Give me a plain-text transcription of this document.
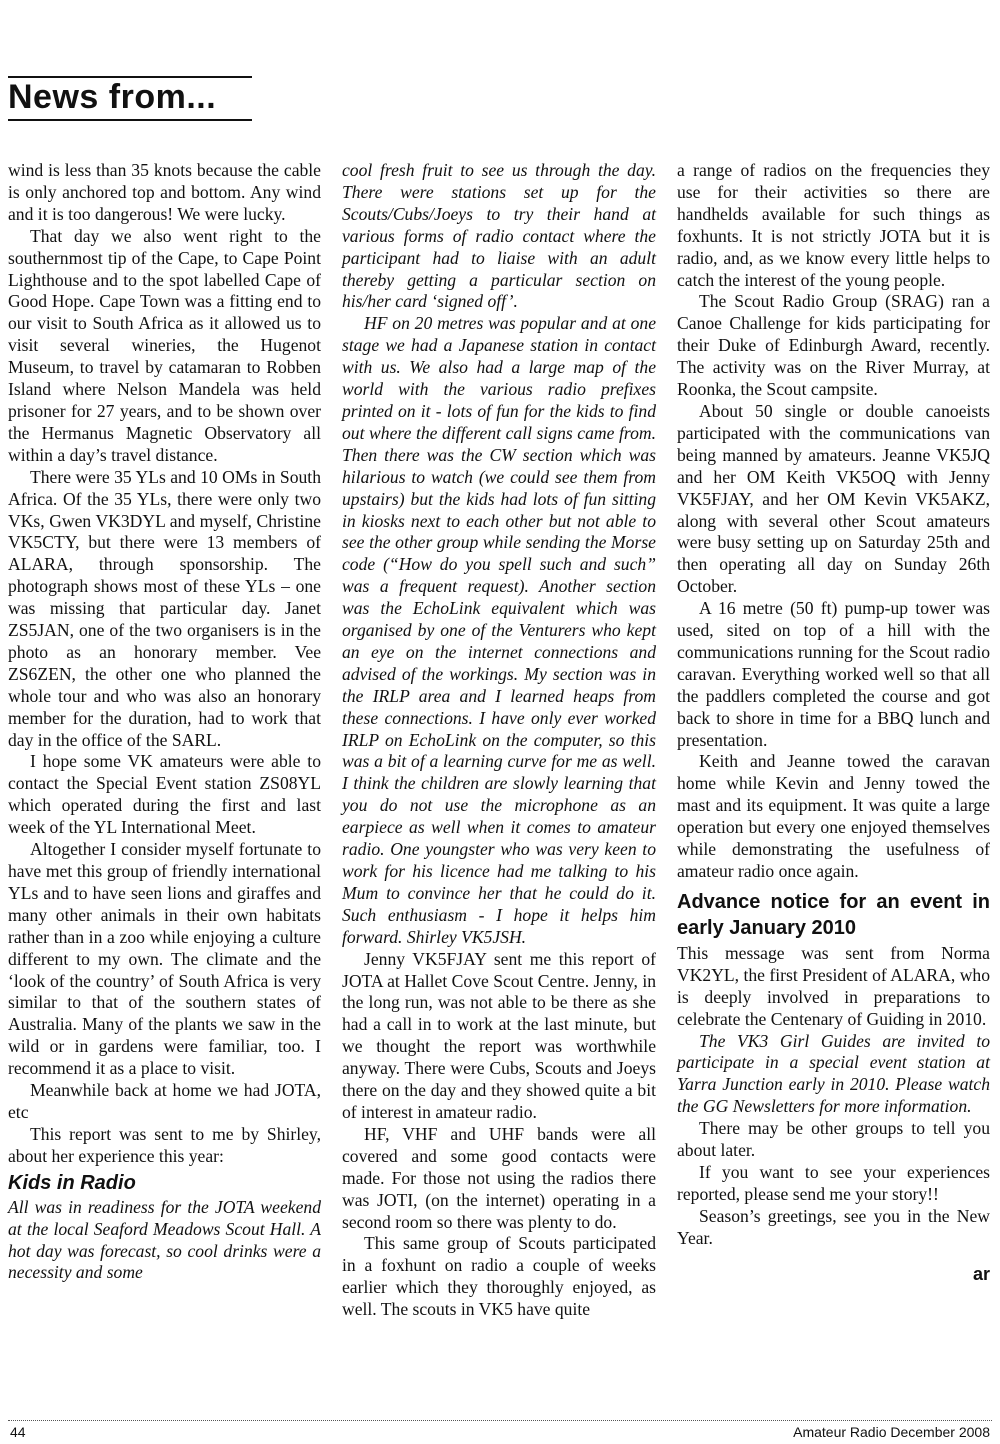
News from...

wind is less than 35 knots because the cable is only anchored top and bottom. Any wind and it is too dangerous! We were lucky.

That day we also went right to the southernmost tip of the Cape, to Cape Point Lighthouse and to the spot labelled Cape of Good Hope. Cape Town was a fitting end to our visit to South Africa as it allowed us to visit several wineries, the Hugenot Museum, to travel by catamaran to Robben Island where Nelson Mandela was held prisoner for 27 years, and to be shown over the Hermanus Magnetic Observatory all within a day’s travel distance.

There were 35 YLs and 10 OMs in South Africa. Of the 35 YLs, there were only two VKs, Gwen VK3DYL and myself, Christine VK5CTY, but there were 13 members of ALARA, through sponsorship. The photograph shows most of these YLs – one was missing that particular day. Janet ZS5JAN, one of the two organisers is in the photo as an honorary member. Vee ZS6ZEN, the other one who planned the whole tour and who was also an honorary member for the duration, had to work that day in the office of the SARL.

I hope some VK amateurs were able to contact the Special Event station ZS08YL which operated during the first and last week of the YL International Meet.

Altogether I consider myself fortunate to have met this group of friendly international YLs and to have seen lions and giraffes and many other animals in their own habitats rather than in a zoo while enjoying a culture different to my own. The climate and the ‘look of the country’ of South Africa is very similar to that of the southern states of Australia. Many of the plants we saw in the wild or in gardens were familiar, too. I recommend it as a place to visit.

Meanwhile back at home we had JOTA, etc

This report was sent to me by Shirley, about her experience this year:

Kids in Radio

All was in readiness for the JOTA weekend at the local Seaford Meadows Scout Hall. A hot day was forecast, so cool drinks were a necessity and some

cool fresh fruit to see us through the day. There were stations set up for the Scouts/Cubs/Joeys to try their hand at various forms of radio contact where the participant had to liaise with an adult thereby getting a particular section on his/her card ‘signed off’.

HF on 20 metres was popular and at one stage we had a Japanese station in contact with us. We also had a large map of the world with the various radio prefixes printed on it - lots of fun for the kids to find out where the different call signs came from. Then there was the CW section which was hilarious to watch (we could see them from upstairs) but the kids had lots of fun sitting in kiosks next to each other but not able to see the other group while sending the Morse code (“How do you spell such and such” was a frequent request). Another section was the EchoLink equivalent which was organised by one of the Venturers who kept an eye on the internet connections and advised of the workings. My section was in the IRLP area and I learned heaps from these connections. I have only ever worked IRLP on EchoLink on the computer, so this was a bit of a learning curve for me as well. I think the children are slowly learning that you do not use the microphone as an earpiece as well when it comes to amateur radio. One youngster who was very keen to work for his licence had me talking to his Mum to convince her that he could do it. Such enthusiasm - I hope it helps him forward. Shirley VK5JSH.

Jenny VK5FJAY sent me this report of JOTA at Hallet Cove Scout Centre. Jenny, in the long run, was not able to be there as she had a call in to work at the last minute, but we thought the report was worthwhile anyway. There were Cubs, Scouts and Joeys there on the day and they showed quite a bit of interest in amateur radio.

HF, VHF and UHF bands were all covered and some good contacts were made. For those not using the radios there was JOTI, (on the internet) operating in a second room so there was plenty to do.

This same group of Scouts participated in a foxhunt on radio a couple of weeks earlier which they thoroughly enjoyed, as well. The scouts in VK5 have quite

a range of radios on the frequencies they use for their activities so there are handhelds available for such things as foxhunts. It is not strictly JOTA but it is radio, and, as we know every little helps to catch the interest of the young people.

The Scout Radio Group (SRAG) ran a Canoe Challenge for kids participating for their Duke of Edinburgh Award, recently. The activity was on the River Murray, at Roonka, the Scout campsite.

About 50 single or double canoeists participated with the communications van being manned by amateurs. Jeanne VK5JQ and her OM Keith VK5OQ with Jenny VK5FJAY, and her OM Kevin VK5AKZ, along with several other Scout amateurs were busy setting up on Saturday 25th and then operating all day on Sunday 26th October.

A 16 metre (50 ft) pump-up tower was used, sited on top of a hill with the communications running for the Scout radio caravan. Everything worked well so that all the paddlers completed the course and got back to shore in time for a BBQ lunch and presentation.

Keith and Jeanne towed the caravan home while Kevin and Jenny towed the mast and its equipment. It was quite a large operation but every one enjoyed themselves while demonstrating the usefulness of amateur radio once again.

Advance notice for an event in early January 2010

This message was sent from Norma VK2YL, the first President of ALARA, who is deeply involved in preparations to celebrate the Centenary of Guiding in 2010.

The VK3 Girl Guides are invited to participate in a special event station at Yarra Junction early in 2010. Please watch the GG Newsletters for more information.

There may be other groups to tell you about later.

If you want to see your experiences reported, please send me your story!!

Season’s greetings, see you in the New Year.

ar
44	Amateur Radio December 2008
